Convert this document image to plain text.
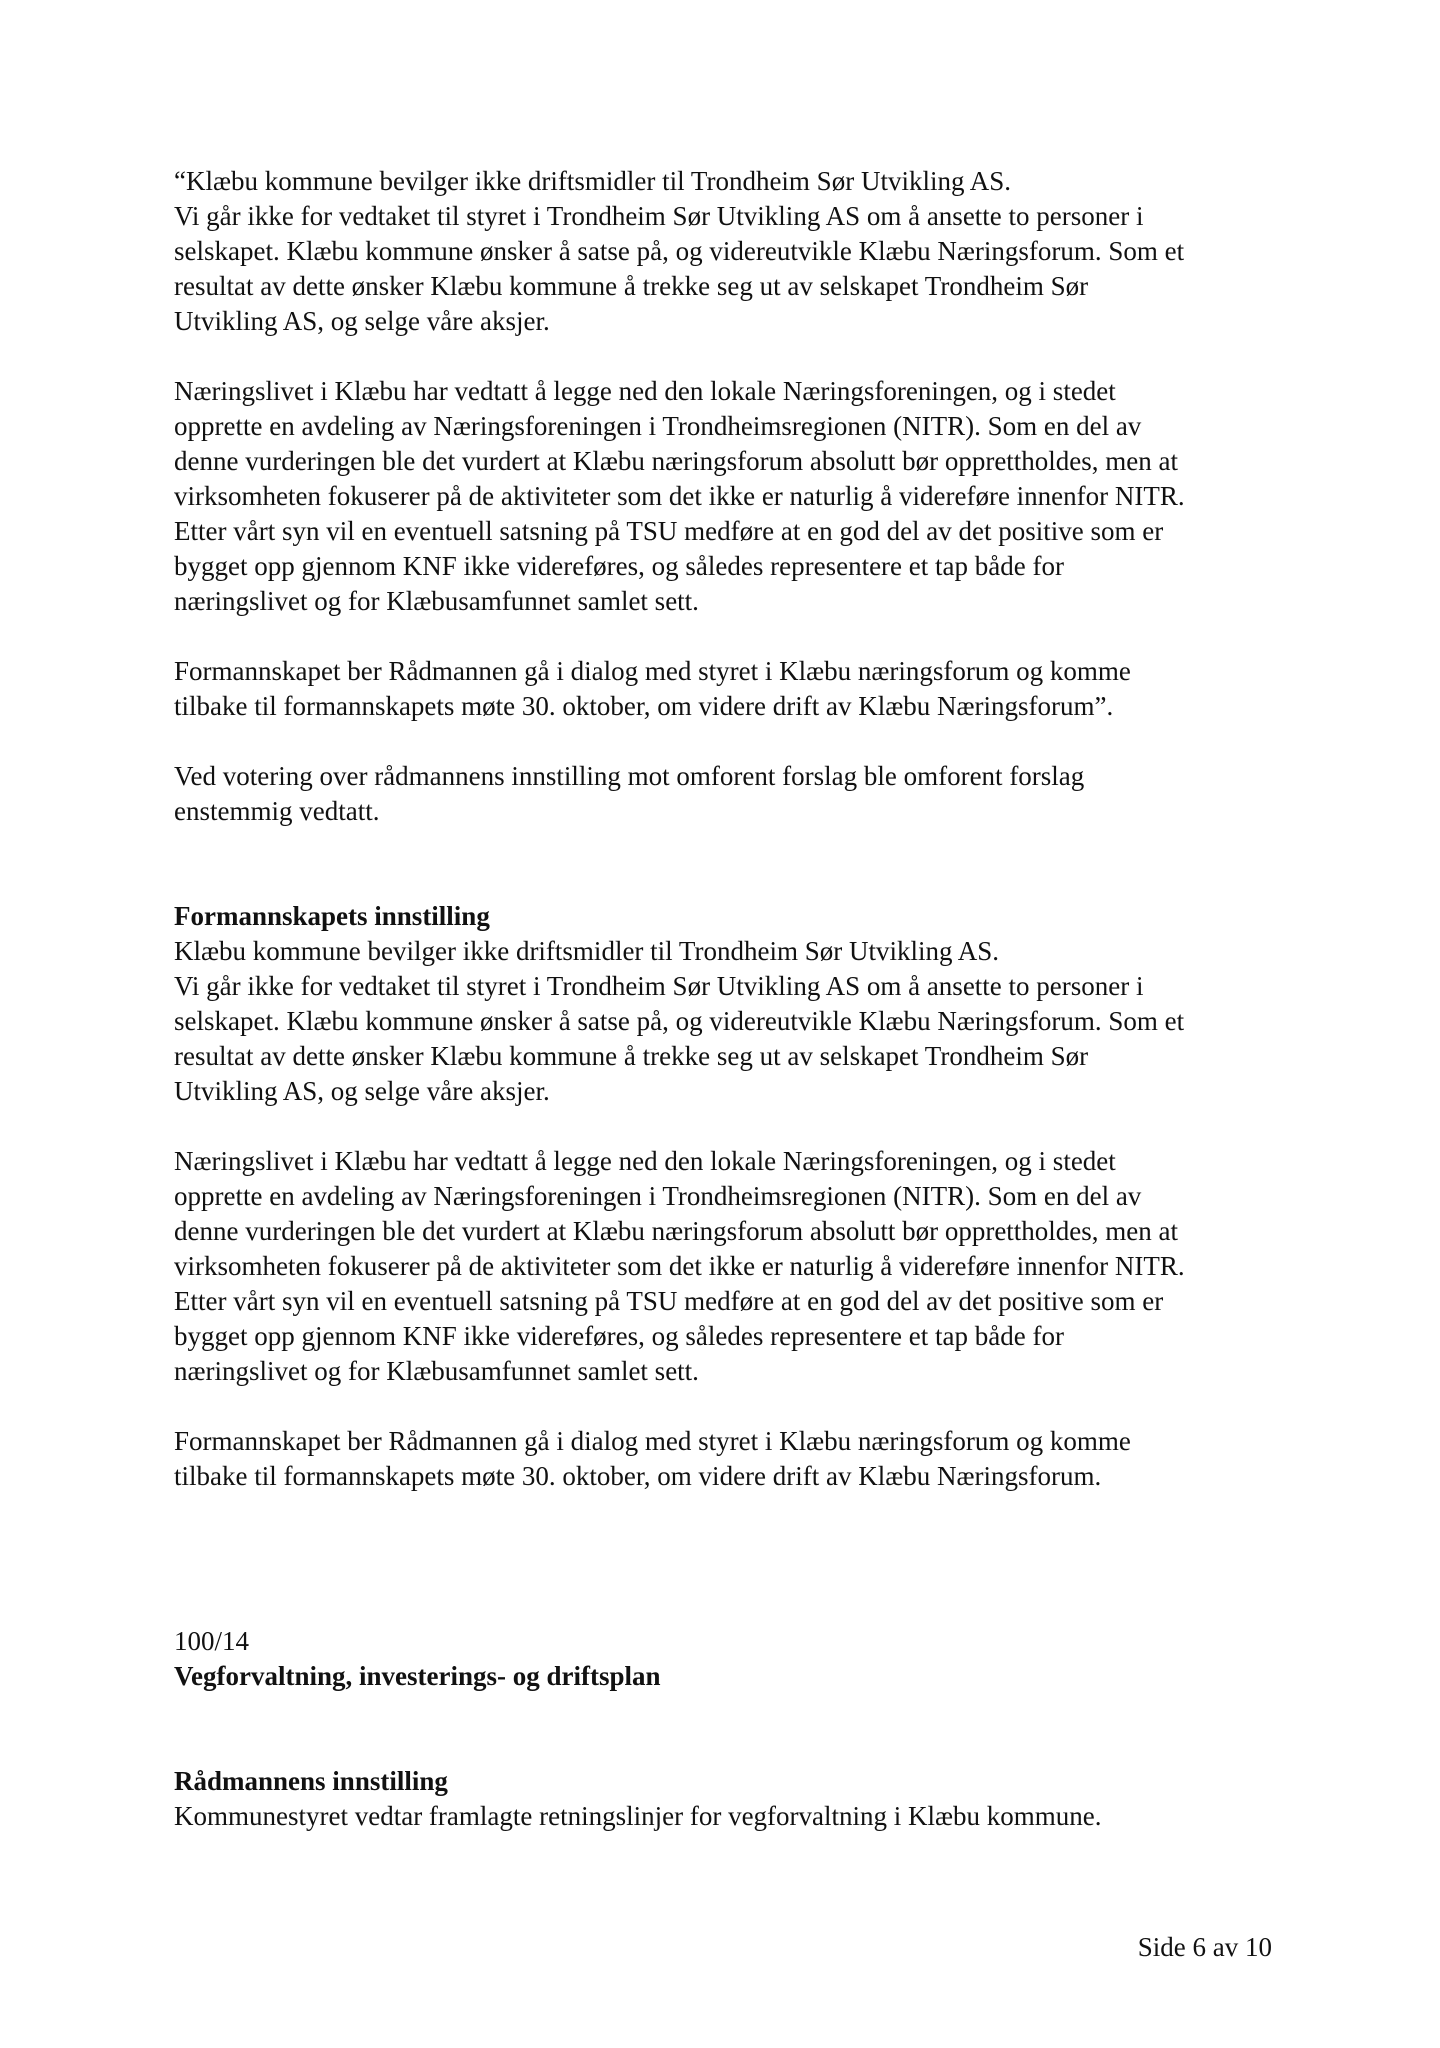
“Klæbu kommune bevilger ikke driftsmidler til Trondheim Sør Utvikling AS.
Vi går ikke for vedtaket til styret i Trondheim Sør Utvikling AS om å ansette to personer i
selskapet. Klæbu kommune ønsker å satse på, og videreutvikle Klæbu Næringsforum. Som et
resultat av dette ønsker Klæbu kommune å trekke seg ut av selskapet Trondheim Sør
Utvikling AS, og selge våre aksjer.
Næringslivet i Klæbu har vedtatt å legge ned den lokale Næringsforeningen, og i stedet
opprette en avdeling av Næringsforeningen i Trondheimsregionen (NITR). Som en del av
denne vurderingen ble det vurdert at Klæbu næringsforum absolutt bør opprettholdes, men at
virksomheten fokuserer på de aktiviteter som det ikke er naturlig å videreføre innenfor NITR.
Etter vårt syn vil en eventuell satsning på TSU medføre at en god del av det positive som er
bygget opp gjennom KNF ikke videreføres, og således representere et tap både for
næringslivet og for Klæbusamfunnet samlet sett.
Formannskapet ber Rådmannen gå i dialog med styret i Klæbu næringsforum og komme
tilbake til formannskapets møte 30. oktober, om videre drift av Klæbu Næringsforum”.
Ved votering over rådmannens innstilling mot omforent forslag ble omforent forslag
enstemmig vedtatt.
Formannskapets innstilling
Klæbu kommune bevilger ikke driftsmidler til Trondheim Sør Utvikling AS.
Vi går ikke for vedtaket til styret i Trondheim Sør Utvikling AS om å ansette to personer i
selskapet. Klæbu kommune ønsker å satse på, og videreutvikle Klæbu Næringsforum. Som et
resultat av dette ønsker Klæbu kommune å trekke seg ut av selskapet Trondheim Sør
Utvikling AS, og selge våre aksjer.
Næringslivet i Klæbu har vedtatt å legge ned den lokale Næringsforeningen, og i stedet
opprette en avdeling av Næringsforeningen i Trondheimsregionen (NITR). Som en del av
denne vurderingen ble det vurdert at Klæbu næringsforum absolutt bør opprettholdes, men at
virksomheten fokuserer på de aktiviteter som det ikke er naturlig å videreføre innenfor NITR.
Etter vårt syn vil en eventuell satsning på TSU medføre at en god del av det positive som er
bygget opp gjennom KNF ikke videreføres, og således representere et tap både for
næringslivet og for Klæbusamfunnet samlet sett.
Formannskapet ber Rådmannen gå i dialog med styret i Klæbu næringsforum og komme
tilbake til formannskapets møte 30. oktober, om videre drift av Klæbu Næringsforum.
100/14
Vegforvaltning, investerings- og driftsplan
Rådmannens innstilling
Kommunestyret vedtar framlagte retningslinjer for vegforvaltning i Klæbu kommune.
Side 6 av 10
